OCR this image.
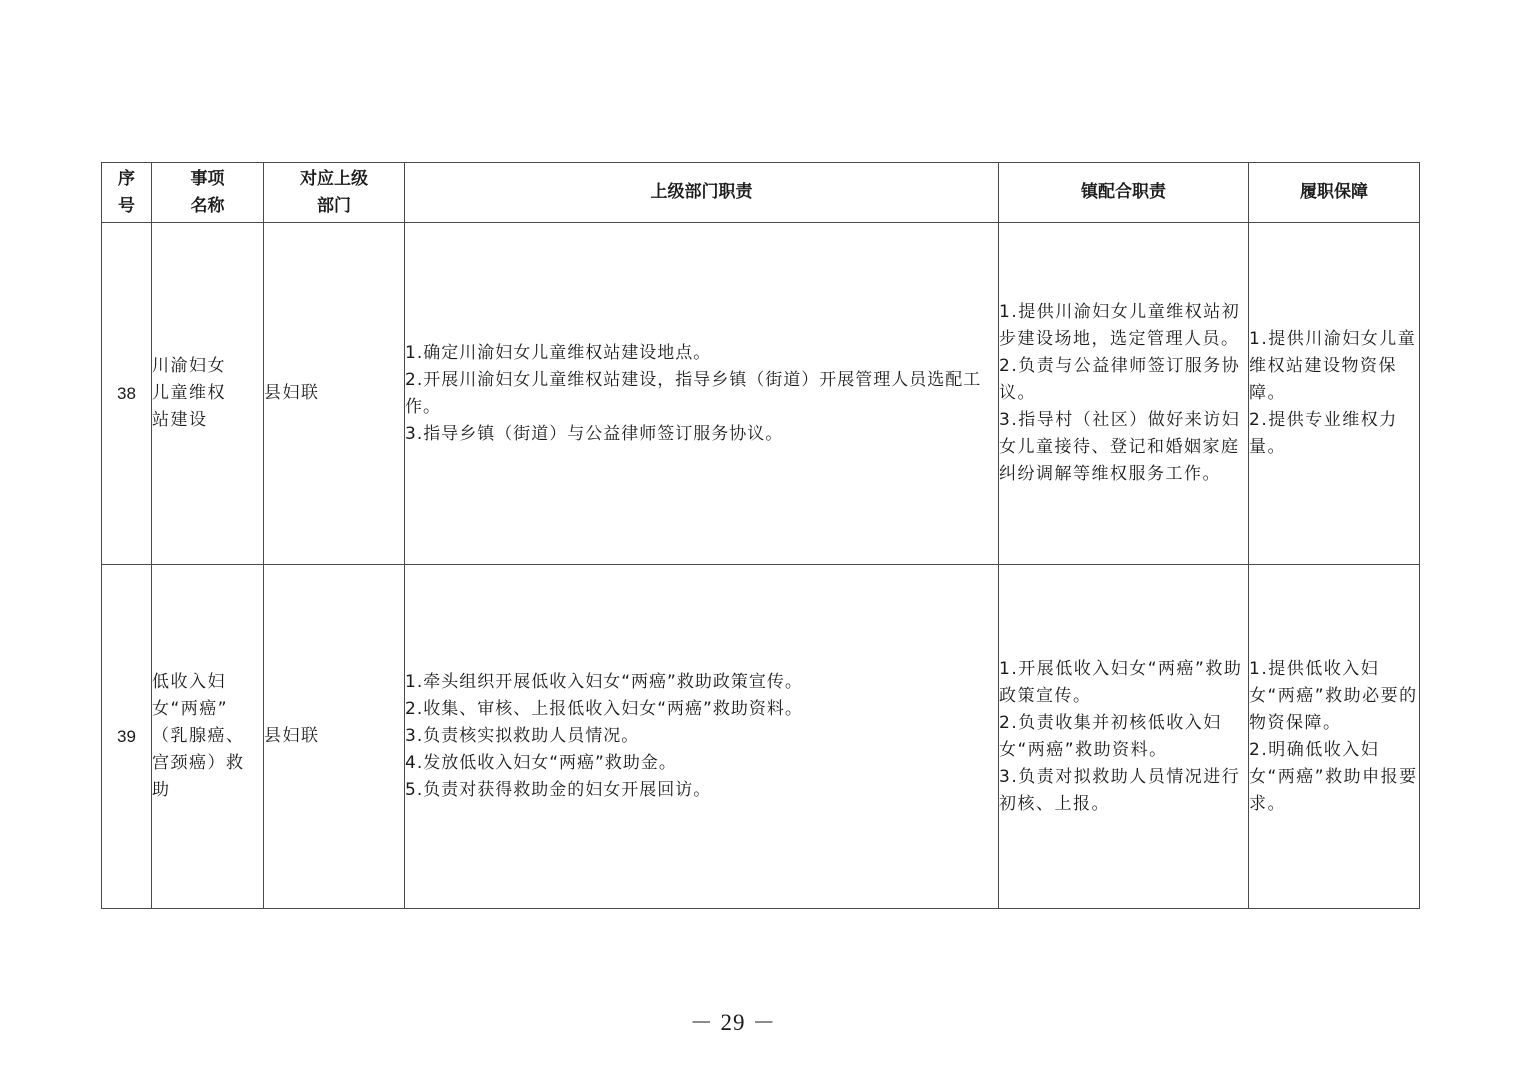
序
号	事项
名称	对应上级
部门	上级部门职责	镇配合职责	履职保障
38	川渝妇女
儿童维权
站建设	县妇联	1.确定川渝妇女儿童维权站建设地点。
2.开展川渝妇女儿童维权站建设，指导乡镇（街道）开展管理人员选配工作。
3.指导乡镇（街道）与公益律师签订服务协议。	1.提供川渝妇女儿童维权站初步建设场地，选定管理人员。
2.负责与公益律师签订服务协议。
3.指导村（社区）做好来访妇女儿童接待、登记和婚姻家庭纠纷调解等维权服务工作。	1.提供川渝妇女儿童维权站建设物资保障。
2.提供专业维权力量。

39	低收入妇
女“两癌”
（乳腺癌、
宫颈癌）救
助	县妇联	1.牵头组织开展低收入妇女“两癌”救助政策宣传。
2.收集、审核、上报低收入妇女“两癌”救助资料。
3.负责核实拟救助人员情况。
4.发放低收入妇女“两癌”救助金。
5.负责对获得救助金的妇女开展回访。	1.开展低收入妇女“两癌”救助政策宣传。
2.负责收集并初核低收入妇女“两癌”救助资料。
3.负责对拟救助人员情况进行初核、上报。	1.提供低收入妇女“两癌”救助必要的物资保障。
2.明确低收入妇女“两癌”救助申报要求。
－ 29 －
